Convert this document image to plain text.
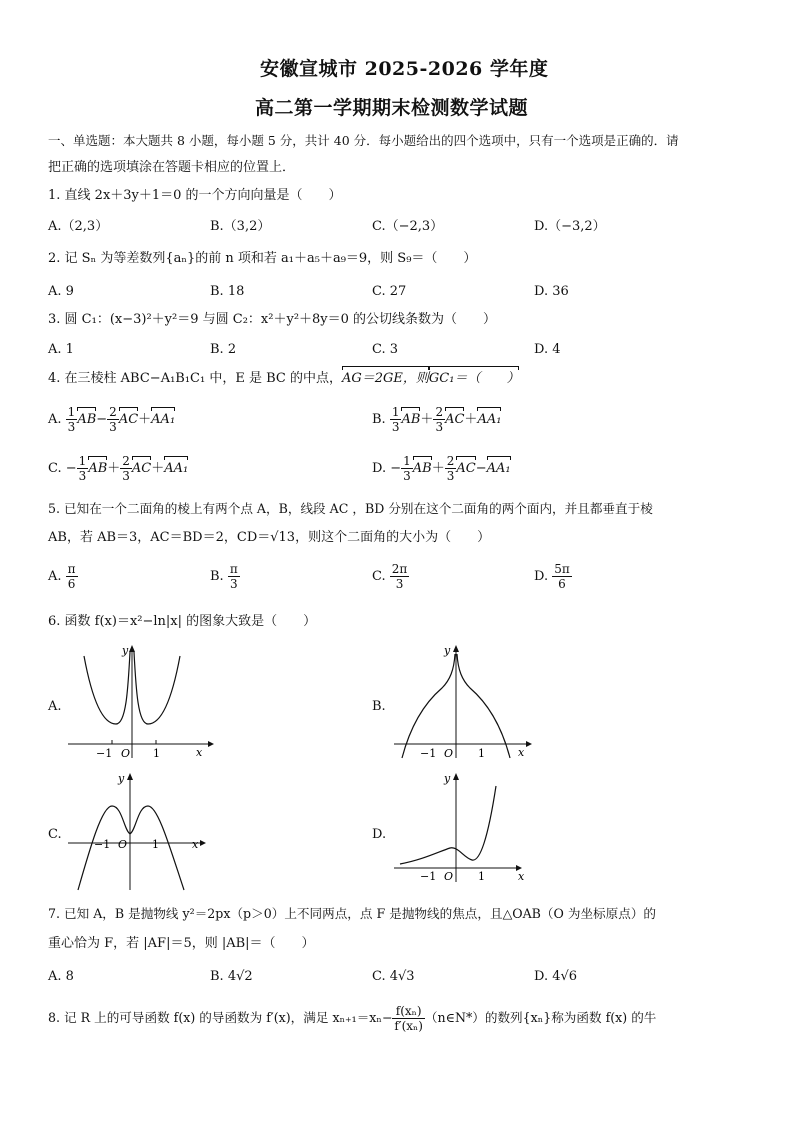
安徽宣城市 2025-2026 学年度
高二第一学期期末检测数学试题
一、单选题：本大题共 8 小题，每小题 5 分，共计 40 分．每小题给出的四个选项中，只有一个选项是正确的．请
把正确的选项填涂在答题卡相应的位置上．
1. 直线 2x＋3y＋1＝0 的一个方向向量是（　　）
A.（2,3）	B.（3,2）	C.（−2,3）	D.（−3,2）
2. 记 Sₙ 为等差数列{aₙ}的前 n 项和若 a₁＋a₅＋a₉＝9，则 S₉＝（　　）
A. 9	B. 18	C. 27	D. 36
3. 圆 C₁：(x−3)²＋y²＝9 与圆 C₂：x²＋y²＋8y＝0 的公切线条数为（　　）
A. 1	B. 2	C. 3	D. 4
4. 在三棱柱 ABC−A₁B₁C₁ 中，E 是 BC 的中点，AG＝2GE，则GC₁＝（　　）
A. $\frac{1}{3} AB- \frac{2}{3} AC+AA_1$	B. $\frac{1}{3} AB+ \frac{2}{3} AC+AA_1$
C. − $\frac{1}{3} AB+ \frac{2}{3} AC+AA_1$	D. − $\frac{1}{3} AB+ \frac{2}{3} AC-AA_1$
5. 已知在一个二面角的棱上有两个点 A，B，线段 AC ，BD 分别在这个二面角的两个面内，并且都垂直于棱
AB，若 AB＝3，AC＝BD＝2，CD＝√13，则这个二面角的大小为（　　）
A. $\frac{\pi}{6}$	B. $\frac{\pi}{3}$	C. $\frac{2\pi}{3}$	D. $\frac{5\pi}{6}$
6. 函数 f(x)＝x²−ln|x| 的图象大致是（　　）
A.	B.
C.	D.
y
x
O
−1	1
y
x
O
−1	1
y
x
O
−1	1
y
x
O
−1	1
7. 已知 A，B 是抛物线 y²＝2px（p＞0）上不同两点，点 F 是抛物线的焦点，且△OAB（O 为坐标原点）的
重心恰为 F，若 |AF|＝5，则 |AB|＝（　　）
A. 8	B. 4√2	C. 4√3	D. 4√6
8. 记 R 上的可导函数 f(x) 的导函数为 f′(x)，满足 $x_{n+1}=x_n- \frac{\text{f(xₙ)}}{\text{f′(xₙ)}}$ （n∈N*）的数列{xₙ}称为函数 f(x) 的牛
